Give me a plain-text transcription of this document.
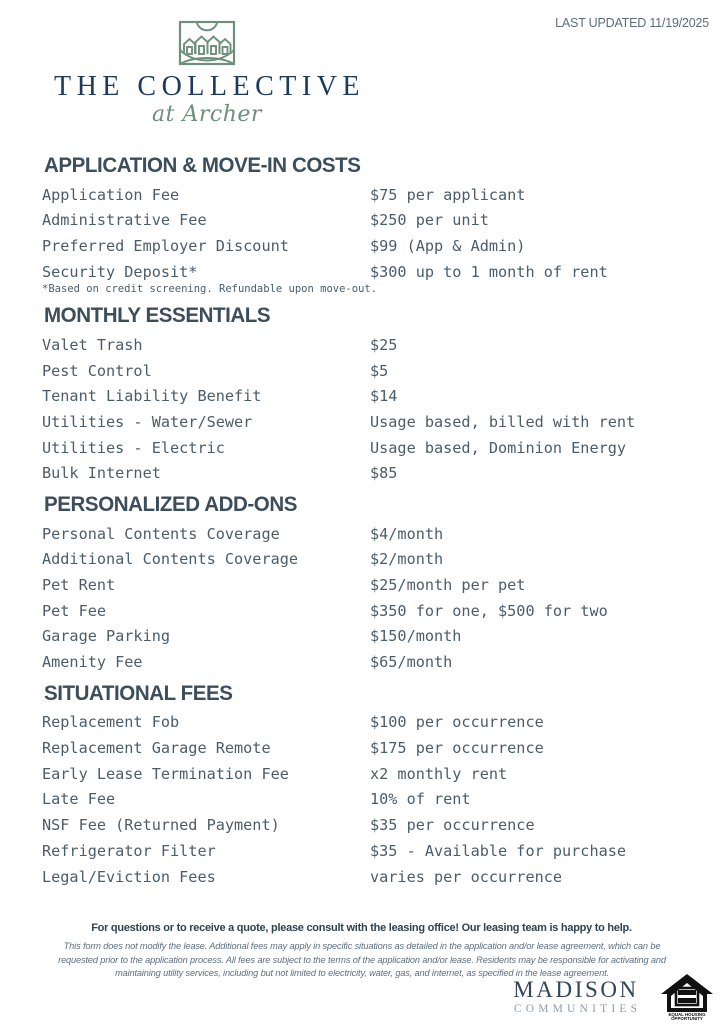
LAST UPDATED 11/19/2025
THE COLLECTIVE
at Archer
APPLICATION & MOVE-IN COSTS
Application Fee	$75 per applicant
Administrative Fee	$250 per unit
Preferred Employer Discount	$99 (App & Admin)
Security Deposit*	$300 up to 1 month of rent
*Based on credit screening. Refundable upon move-out.
MONTHLY ESSENTIALS
Valet Trash	$25
Pest Control	$5
Tenant Liability Benefit	$14
Utilities - Water/Sewer	Usage based, billed with rent
Utilities - Electric	Usage based, Dominion Energy
Bulk Internet	$85
PERSONALIZED ADD-ONS
Personal Contents Coverage	$4/month
Additional Contents Coverage	$2/month
Pet Rent	$25/month per pet
Pet Fee	$350 for one, $500 for two
Garage Parking	$150/month
Amenity Fee	$65/month
SITUATIONAL FEES
Replacement Fob	$100 per occurrence
Replacement Garage Remote	$175 per occurrence
Early Lease Termination Fee	x2 monthly rent
Late Fee	10% of rent
NSF Fee (Returned Payment)	$35 per occurrence
Refrigerator Filter	$35 - Available for purchase
Legal/Eviction Fees	varies per occurrence
For questions or to receive a quote, please consult with the leasing office! Our leasing team is happy to help.
This form does not modify the lease. Additional fees may apply in specific situations as detailed in the application and/or lease agreement, which can be requested prior to the application process. All fees are subject to the terms of the application and/or lease. Residents may be responsible for activating and maintaining utility services, including but not limited to electricity, water, gas, and internet, as specified in the lease agreement.
MADISON
COMMUNITIES	EQUAL HOUSING
OPPORTUNITY
